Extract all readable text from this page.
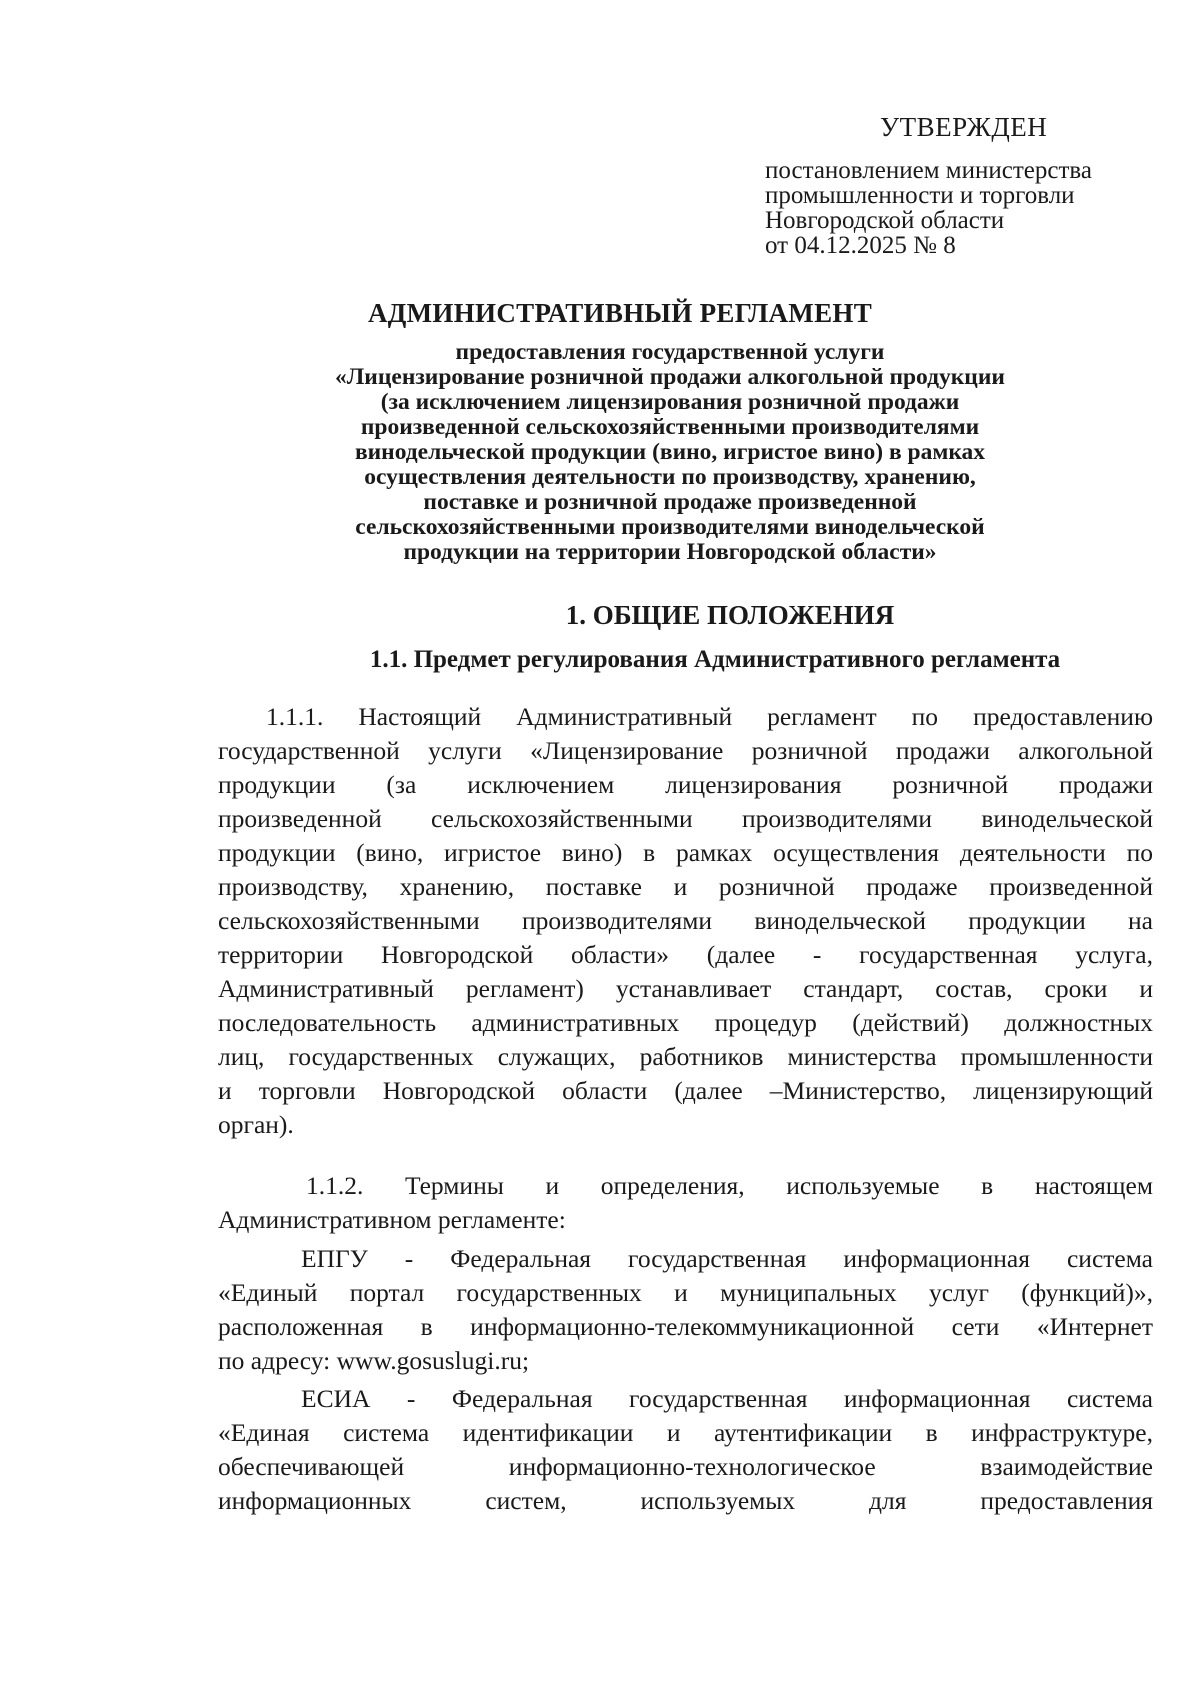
УТВЕРЖДЕН
постановлением министерства
промышленности и торговли
Новгородской области
от 04.12.2025 № 8
АДМИНИСТРАТИВНЫЙ РЕГЛАМЕНТ
предоставления государственной услуги
«Лицензирование розничной продажи алкогольной продукции
(за исключением лицензирования розничной продажи
произведенной сельскохозяйственными производителями
винодельческой продукции (вино, игристое вино) в рамках
осуществления деятельности по производству, хранению,
поставке и розничной продаже произведенной
сельскохозяйственными производителями винодельческой
продукции на территории Новгородской области»
1. ОБЩИЕ ПОЛОЖЕНИЯ
1.1. Предмет регулирования Административного регламента
1.1.1. Настоящий Административный регламент по предоставлению
государственной услуги «Лицензирование розничной продажи алкогольной
продукции (за исключением лицензирования розничной продажи
произведенной сельскохозяйственными производителями винодельческой
продукции (вино, игристое вино) в рамках осуществления деятельности по
производству, хранению, поставке и розничной продаже произведенной
сельскохозяйственными производителями винодельческой продукции на
территории Новгородской области» (далее - государственная услуга,
Административный регламент) устанавливает стандарт, состав, сроки и
последовательность административных процедур (действий) должностных
лиц, государственных служащих, работников министерства промышленности
и торговли Новгородской области (далее –Министерство, лицензирующий
орган).
1.1.2. Термины и определения, используемые в настоящем
Административном регламенте:
ЕПГУ - Федеральная государственная информационная система
«Единый портал государственных и муниципальных услуг (функций)»,
расположенная в информационно-телекоммуникационной сети «Интернет
по адресу: www.gosuslugi.ru;
ЕСИА - Федеральная государственная информационная система
«Единая система идентификации и аутентификации в инфраструктуре,
обеспечивающей информационно-технологическое взаимодействие
информационных систем, используемых для предоставления
